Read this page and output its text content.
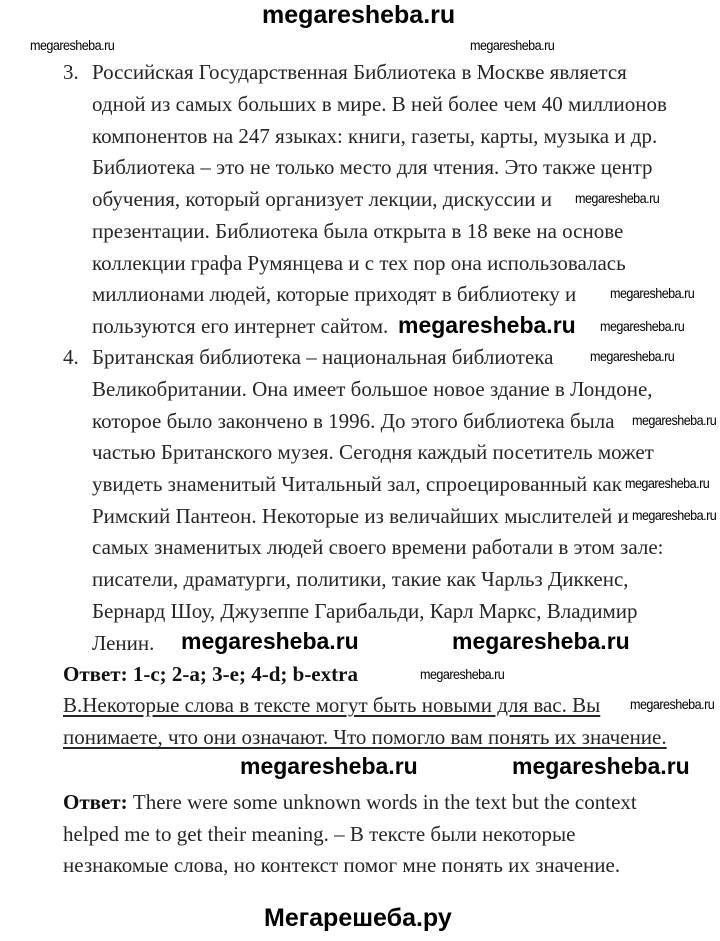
megaresheba.ru
3. Российская Государственная Библиотека в Москве является
одной из самых больших в мире. В ней более чем 40 миллионов
компонентов на 247 языках: книги, газеты, карты, музыка и др.
Библиотека – это не только место для чтения. Это также центр
обучения, который организует лекции, дискуссии и
презентации. Библиотека была открыта в 18 веке на основе
коллекции графа Румянцева и с тех пор она использовалась
миллионами людей, которые приходят в библиотеку и
пользуются его интернет сайтом.
4. Британская библиотека – национальная библиотека
Великобритании. Она имеет большое новое здание в Лондоне,
которое было закончено в 1996. До этого библиотека была
частью Британского музея. Сегодня каждый посетитель может
увидеть знаменитый Читальный зал, спроецированный как
Римский Пантеон. Некоторые из величайших мыслителей и
самых знаменитых людей своего времени работали в этом зале:
писатели, драматурги, политики, такие как Чарльз Диккенс,
Бернард Шоу, Джузеппе Гарибальди, Карл Маркс, Владимир
Ленин.
Ответ: 1-c; 2-a; 3-e; 4-d; b-extra
B.Некоторые слова в тексте могут быть новыми для вас. Вы
понимаете, что они означают. Что помогло вам понять их значение.
Ответ: There were some unknown words in the text but the context
helped me to get their meaning. – В тексте были некоторые
незнакомые слова, но контекст помог мне понять их значение.
megaresheba.ru	megaresheba.ru
megaresheba.ru
megaresheba.ru
megaresheba.ru megaresheba.ru
megaresheba.ru
megaresheba.ru
megaresheba.ru
megaresheba.ru
megaresheba.ru	megaresheba.ru
megaresheba.ru
megaresheba.ru
megaresheba.ru	megaresheba.ru
Мегарешеба.ру
